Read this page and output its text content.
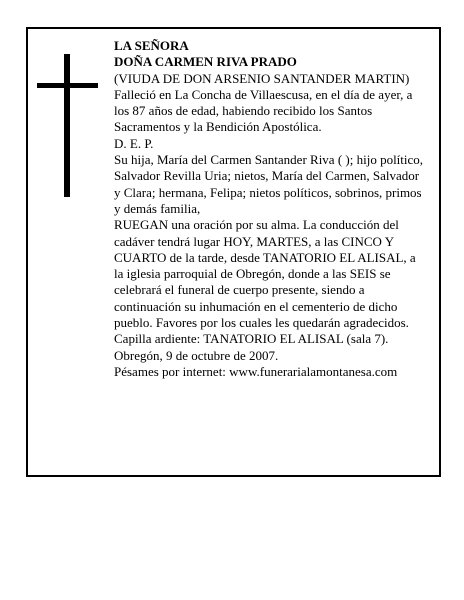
LA SEÑORA

DOÑA CARMEN RIVA PRADO

(VIUDA DE DON ARSENIO SANTANDER MARTIN)

Falleció en La Concha de Villaescusa, en el día de ayer, a los 87 años de edad, habiendo recibido los Santos Sacramentos y la Bendición Apostólica.

D. E. P.

Su hija, María del Carmen Santander Riva ( ); hijo político, Salvador Revilla Uria; nietos, María del Carmen, Salvador y Clara; hermana, Felipa; nietos políticos, sobrinos, primos y demás familia,

RUEGAN una oración por su alma. La conducción del cadáver tendrá lugar HOY, MARTES, a las CINCO Y CUARTO de la tarde, desde TANATORIO EL ALISAL, a la iglesia parroquial de Obregón, donde a las SEIS se celebrará el funeral de cuerpo presente, siendo a continuación su inhumación en el cementerio de dicho pueblo. Favores por los cuales les quedarán agradecidos. Capilla ardiente: TANATORIO EL ALISAL (sala 7).

Obregón, 9 de octubre de 2007.

Pésames por internet: www.funerarialamontanesa.com
